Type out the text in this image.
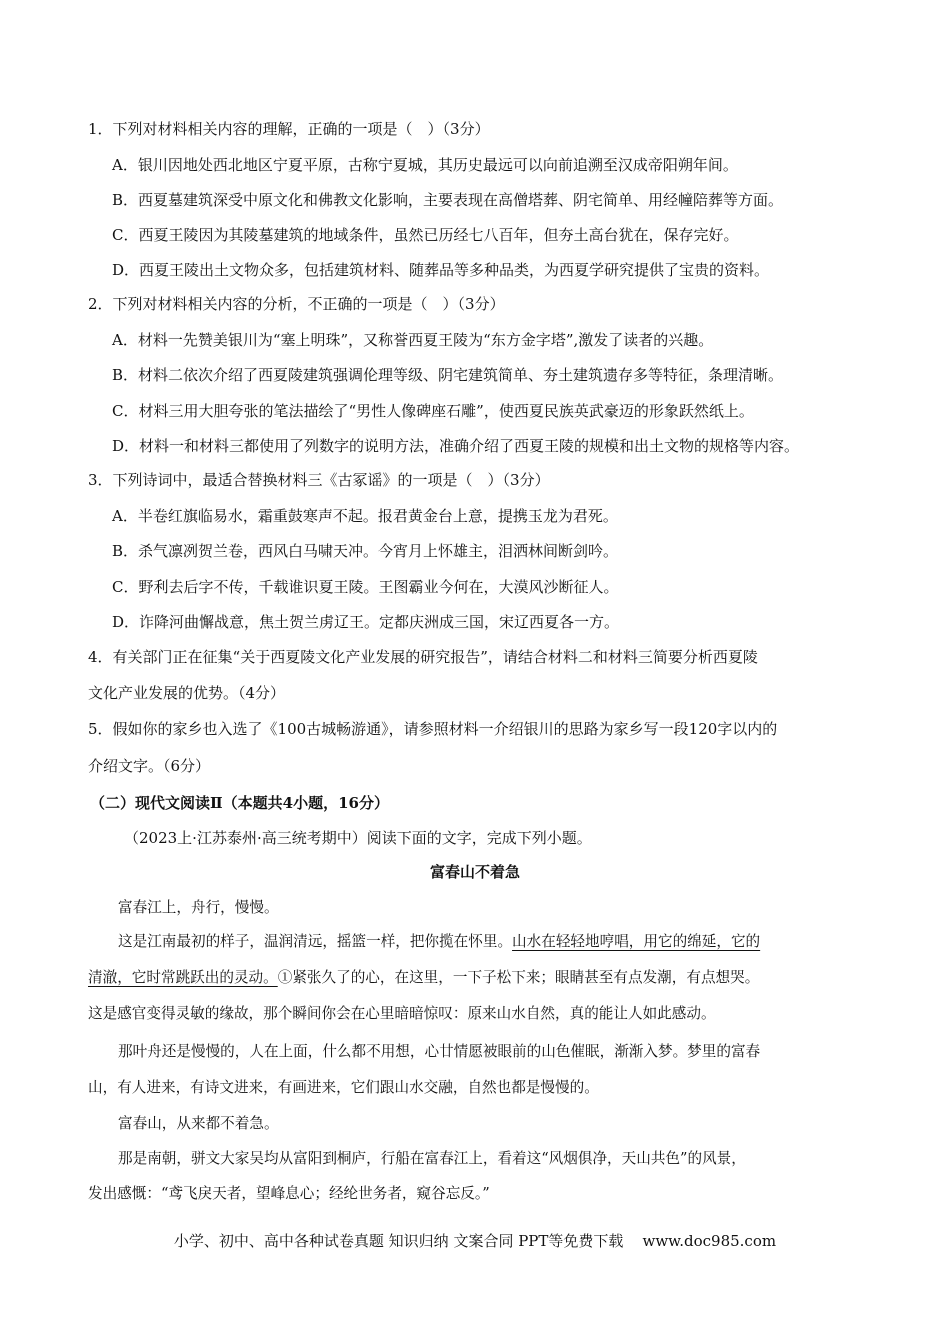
1．下列对材料相关内容的理解，正确的一项是（　）（3分）
A．银川因地处西北地区宁夏平原，古称宁夏城，其历史最远可以向前追溯至汉成帝阳朔年间。
B．西夏墓建筑深受中原文化和佛教文化影响，主要表现在高僧塔葬、阴宅简单、用经幢陪葬等方面。
C．西夏王陵因为其陵墓建筑的地域条件，虽然已历经七八百年，但夯土高台犹在，保存完好。
D．西夏王陵出土文物众多，包括建筑材料、随葬品等多种品类，为西夏学研究提供了宝贵的资料。
2．下列对材料相关内容的分析，不正确的一项是（　）（3分）
A．材料一先赞美银川为“塞上明珠”，又称誉西夏王陵为“东方金字塔”,激发了读者的兴趣。
B．材料二依次介绍了西夏陵建筑强调伦理等级、阴宅建筑简单、夯土建筑遗存多等特征，条理清晰。
C．材料三用大胆夸张的笔法描绘了“男性人像碑座石雕”，使西夏民族英武豪迈的形象跃然纸上。
D．材料一和材料三都使用了列数字的说明方法，准确介绍了西夏王陵的规模和出土文物的规格等内容。
3．下列诗词中，最适合替换材料三《古冢谣》的一项是（　）（3分）
A．半卷红旗临易水，霜重鼓寒声不起。报君黄金台上意，提携玉龙为君死。
B．杀气凛冽贺兰卷，西风白马啸天冲。今宵月上怀雄主，泪洒林间断剑吟。
C．野利去后字不传，千载谁识夏王陵。王图霸业今何在，大漠风沙断征人。
D．诈降河曲懈战意，焦土贺兰虏辽王。定都庆洲成三国，宋辽西夏各一方。
4．有关部门正在征集“关于西夏陵文化产业发展的研究报告”，请结合材料二和材料三简要分析西夏陵
文化产业发展的优势。（4分）
5．假如你的家乡也入选了《100古城畅游通》，请参照材料一介绍银川的思路为家乡写一段120字以内的
介绍文字。（6分）
（二）现代文阅读Ⅱ（本题共4小题，16分）
（2023上·江苏泰州·高三统考期中）阅读下面的文字，完成下列小题。
富春山不着急
富春江上，舟行，慢慢。
这是江南最初的样子，温润清远，摇篮一样，把你揽在怀里。山水在轻轻地哼唱，用它的绵延，它的
清澈，它时常跳跃出的灵动。①紧张久了的心，在这里，一下子松下来；眼睛甚至有点发潮，有点想哭。
这是感官变得灵敏的缘故，那个瞬间你会在心里暗暗惊叹：原来山水自然，真的能让人如此感动。
那叶舟还是慢慢的，人在上面，什么都不用想，心廿情愿被眼前的山色催眠，渐渐入梦。梦里的富春
山，有人进来，有诗文进来，有画进来，它们跟山水交融，自然也都是慢慢的。
富春山，从来都不着急。
那是南朝，骈文大家吴均从富阳到桐庐，行船在富春江上，看着这“风烟俱净，天山共色”的风景，
发出感慨：“鸢飞戾天者，望峰息心；经纶世务者，窥谷忘反。”
小学、初中、高中各种试卷真题 知识归纳 文案合同 PPT等免费下载 www.doc985.com
